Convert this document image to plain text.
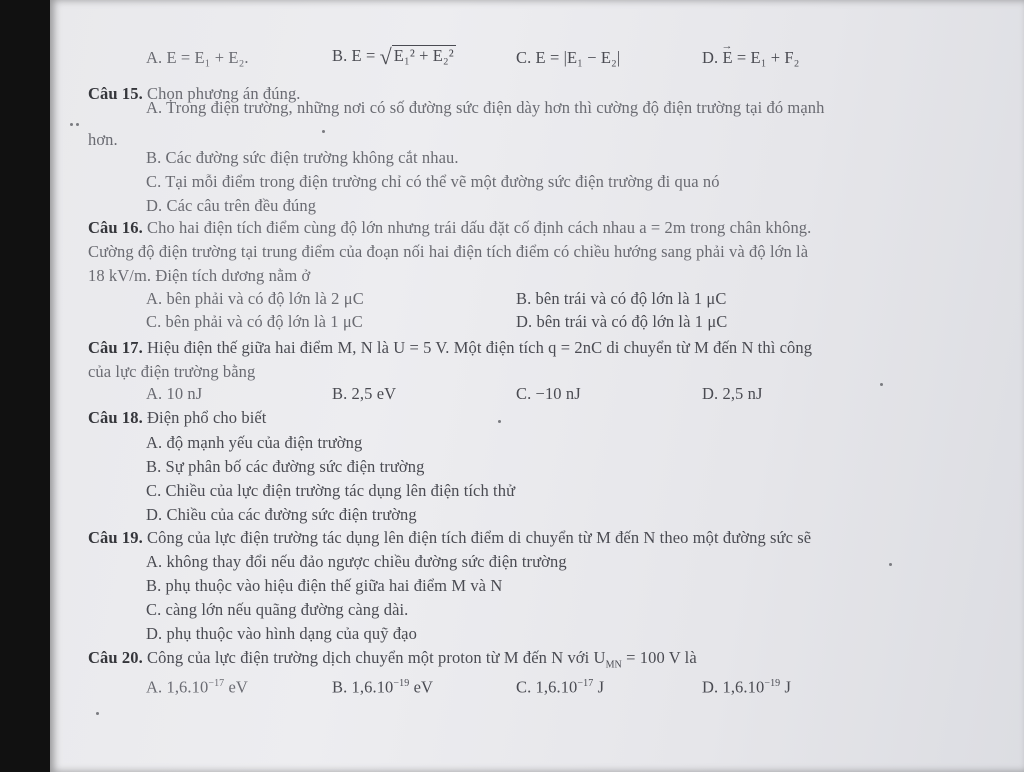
A. E = E₁ + E₂.	B. E = √ E₁² + E₂²	C. E = |E₁ − E₂|	D. → E = E₁ + F₂
Câu 15. Chọn phương án đúng.
A. Trong điện trường, những nơi có số đường sức điện dày hơn thì cường độ điện trường tại đó mạnh
hơn.
B. Các đường sức điện trường không cắt nhau.
C. Tại mỗi điểm trong điện trường chỉ có thể vẽ một đường sức điện trường đi qua nó
D. Các câu trên đều đúng
Câu 16. Cho hai điện tích điểm cùng độ lớn nhưng trái dấu đặt cố định cách nhau a = 2m trong chân không.
Cường độ điện trường tại trung điểm của đoạn nối hai điện tích điểm có chiều hướng sang phải và độ lớn là
18 kV/m. Điện tích dương nằm ở
A. bên phải và có độ lớn là 2 μC	B. bên trái và có độ lớn là 1 μC
C. bên phải và có độ lớn là 1 μC	D. bên trái và có độ lớn là 1 μC
Câu 17. Hiệu điện thế giữa hai điểm M, N là U = 5 V. Một điện tích q = 2nC di chuyển từ M đến N thì công
của lực điện trường bằng
A. 10 nJ	B. 2,5 eV	C. −10 nJ	D. 2,5 nJ
Câu 18. Điện phổ cho biết
A. độ mạnh yếu của điện trường
B. Sự phân bố các đường sức điện trường
C. Chiều của lực điện trường tác dụng lên điện tích thử
D. Chiều của các đường sức điện trường
Câu 19. Công của lực điện trường tác dụng lên điện tích điểm di chuyển từ M đến N theo một đường sức sẽ
A. không thay đổi nếu đảo ngược chiều đường sức điện trường
B. phụ thuộc vào hiệu điện thế giữa hai điểm M và N
C. càng lớn nếu quãng đường càng dài.
D. phụ thuộc vào hình dạng của quỹ đạo
Câu 20. Công của lực điện trường dịch chuyển một proton từ M đến N với $U_{MN} = 100$ V là
A. $1,6.10^{-17}$ eV	B. $1,6.10^{-19}$ eV	C. $1,6.10^{-17}$ J	D. $1,6.10^{-19}$ J
